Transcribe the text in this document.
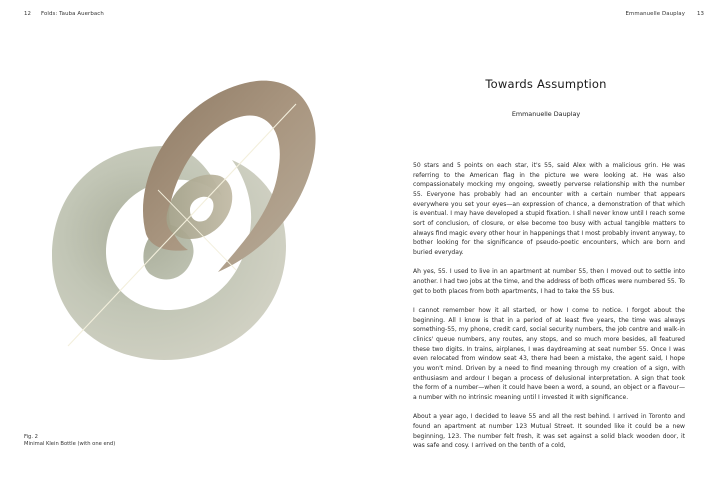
12 Folds: Tauba Auerbach
Fig. 2
Minimal Klein Bottle (with one end)
Emmanuelle Dauplay 13
Towards Assumption
Emmanuelle Dauplay

50 stars and 5 points on each star, it's 55, said Alex with a malicious grin. He was referring to the American flag in the picture we were looking at. He was also compassionately mocking my ongoing, sweetly perverse relationship with the number 55. Everyone has probably had an encounter with a certain number that appears everywhere you set your eyes—an expression of chance, a demonstration of that which is eventual. I may have developed a stupid fixation. I shall never know until I reach some sort of conclusion, of closure, or else become too busy with actual tangible matters to always find magic every other hour in happenings that I most probably invent anyway, to bother looking for the significance of pseudo-poetic encounters, which are born and buried everyday.

Ah yes, 55. I used to live in an apartment at number 55, then I moved out to settle into another. I had two jobs at the time, and the address of both offices were numbered 55. To get to both places from both apartments, I had to take the 55 bus.

I cannot remember how it all started, or how I come to notice. I forgot about the beginning. All I know is that in a period of at least five years, the time was always something-55, my phone, credit card, social security numbers, the job centre and walk-in clinics' queue numbers, any routes, any stops, and so much more besides, all featured these two digits. In trains, airplanes, I was daydreaming at seat number 55. Once I was even relocated from window seat 43, there had been a mistake, the agent said, I hope you won't mind. Driven by a need to find meaning through my creation of a sign, with enthusiasm and ardour I began a process of delusional interpretation. A sign that took the form of a number—when it could have been a word, a sound, an object or a flavour—a number with no intrinsic meaning until I invested it with significance.

About a year ago, I decided to leave 55 and all the rest behind. I arrived in Toronto and found an apartment at number 123 Mutual Street. It sounded like it could be a new beginning, 123. The number felt fresh, it was set against a solid black wooden door, it was safe and cosy. I arrived on the tenth of a cold,
